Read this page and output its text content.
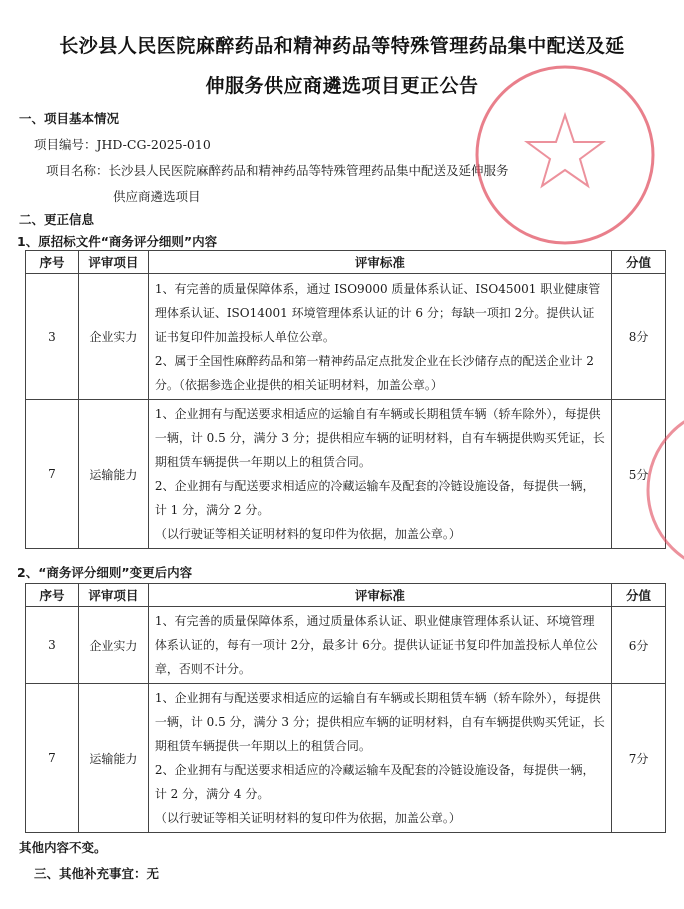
长沙县人民医院麻醉药品和精神药品等特殊管理药品集中配送及延
伸服务供应商遴选项目更正公告
一、项目基本情况
项目编号：JHD-CG-2025-010
项目名称：长沙县人民医院麻醉药品和精神药品等特殊管理药品集中配送及延伸服务
供应商遴选项目
二、更正信息
1、原招标文件“商务评分细则”内容
序号	评审项目	评审标准	分值
3	企业实力	1、有完善的质量保障体系，通过 ISO9000 质量体系认证、ISO45001 职业健康管理体系认证、ISO14001 环境管理体系认证的计 6 分；每缺一项扣 2分。提供认证证书复印件加盖投标人单位公章。
2、属于全国性麻醉药品和第一精神药品定点批发企业在长沙储存点的配送企业计 2 分。（依据参选企业提供的相关证明材料，加盖公章。）	8分
7	运输能力	1、企业拥有与配送要求相适应的运输自有车辆或长期租赁车辆（轿车除外），每提供一辆，计 0.5 分，满分 3 分；提供相应车辆的证明材料，自有车辆提供购买凭证，长期租赁车辆提供一年期以上的租赁合同。
2、企业拥有与配送要求相适应的冷藏运输车及配套的冷链设施设备，每提供一辆，计 1 分，满分 2 分。
（以行驶证等相关证明材料的复印件为依据，加盖公章。）	5分
2、“商务评分细则”变更后内容
序号	评审项目	评审标准	分值
3	企业实力	1、有完善的质量保障体系，通过质量体系认证、职业健康管理体系认证、环境管理体系认证的，每有一项计 2分，最多计 6分。提供认证证书复印件加盖投标人单位公章，否则不计分。	6分
7	运输能力	1、企业拥有与配送要求相适应的运输自有车辆或长期租赁车辆（轿车除外），每提供一辆，计 0.5 分，满分 3 分；提供相应车辆的证明材料，自有车辆提供购买凭证，长期租赁车辆提供一年期以上的租赁合同。
2、企业拥有与配送要求相适应的冷藏运输车及配套的冷链设施设备，每提供一辆，计 2 分，满分 4 分。
（以行驶证等相关证明材料的复印件为依据，加盖公章。）	7分
其他内容不变。
三、其他补充事宜：无
